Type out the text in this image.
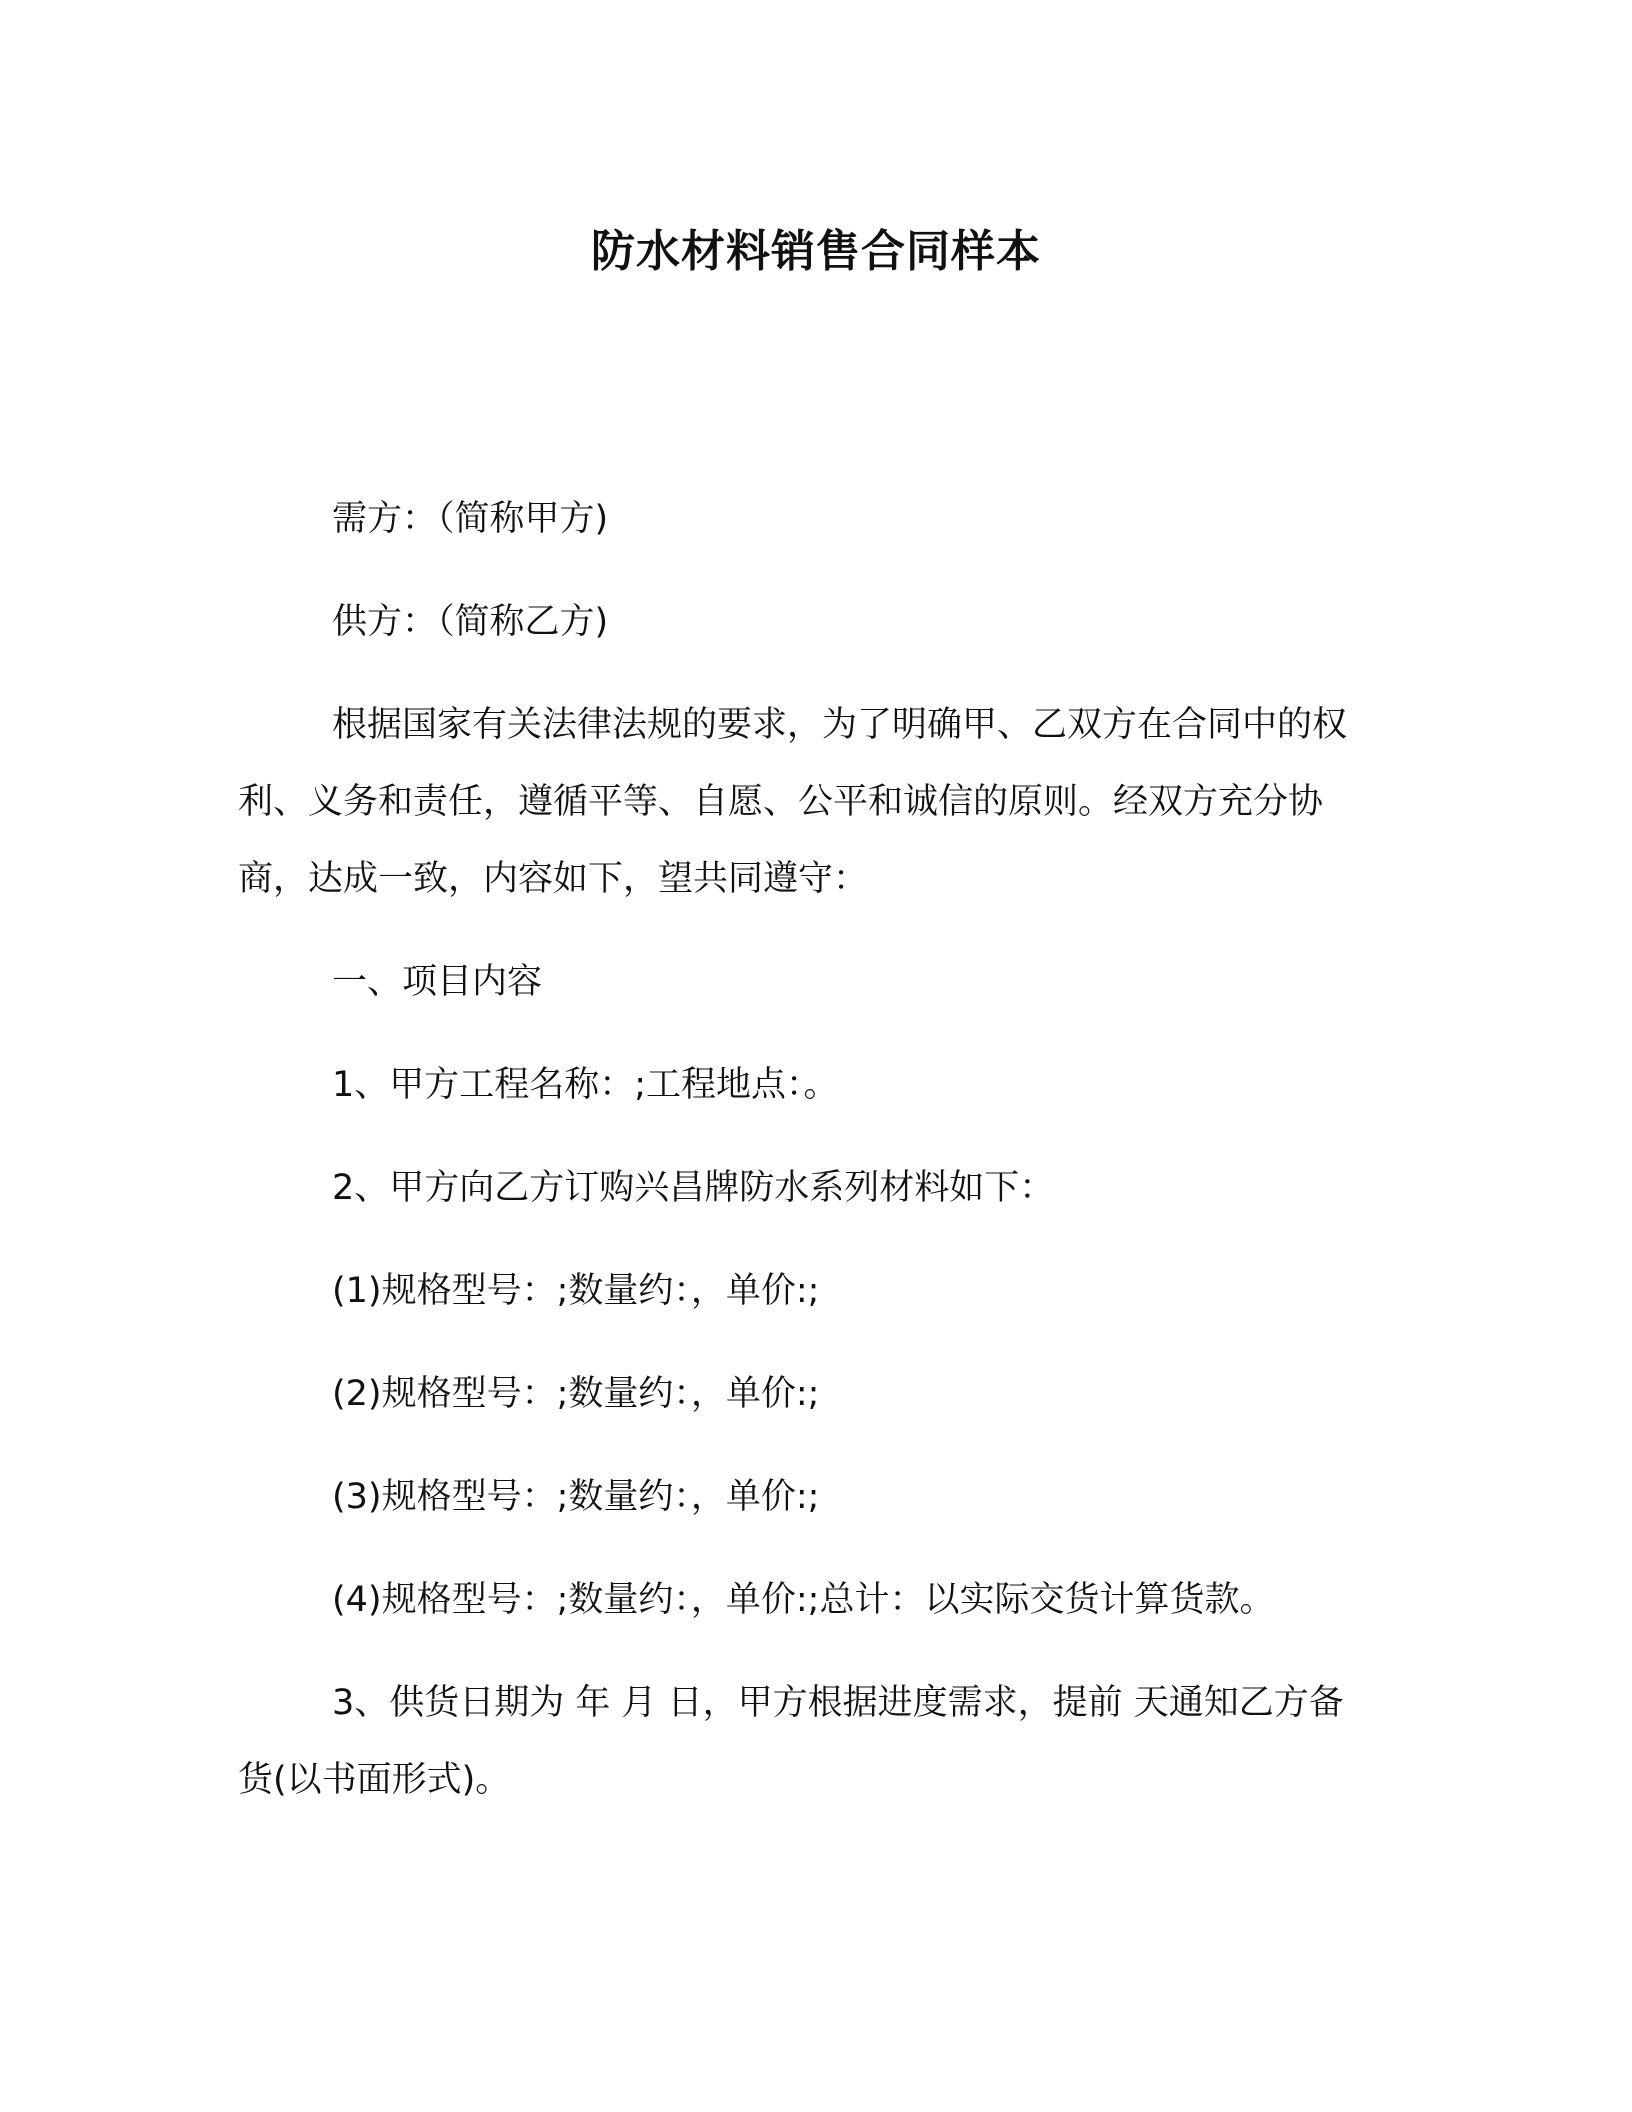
防水材料销售合同样本
需方：（简称甲方)
供方：（简称乙方)
根据国家有关法律法规的要求，为了明确甲、乙双方在合同中的权利、义务和责任，遵循平等、自愿、公平和诚信的原则。经双方充分协商，达成一致，内容如下，望共同遵守：
一、项目内容
1、甲方工程名称：;工程地点：。
2、甲方向乙方订购兴昌牌防水系列材料如下：
(1)规格型号：;数量约：，单价:;
(2)规格型号：;数量约：，单价:;
(3)规格型号：;数量约：，单价:;
(4)规格型号：;数量约：，单价:;总计：以实际交货计算货款。
3、供货日期为 年 月 日，甲方根据进度需求，提前 天通知乙方备货(以书面形式)。
